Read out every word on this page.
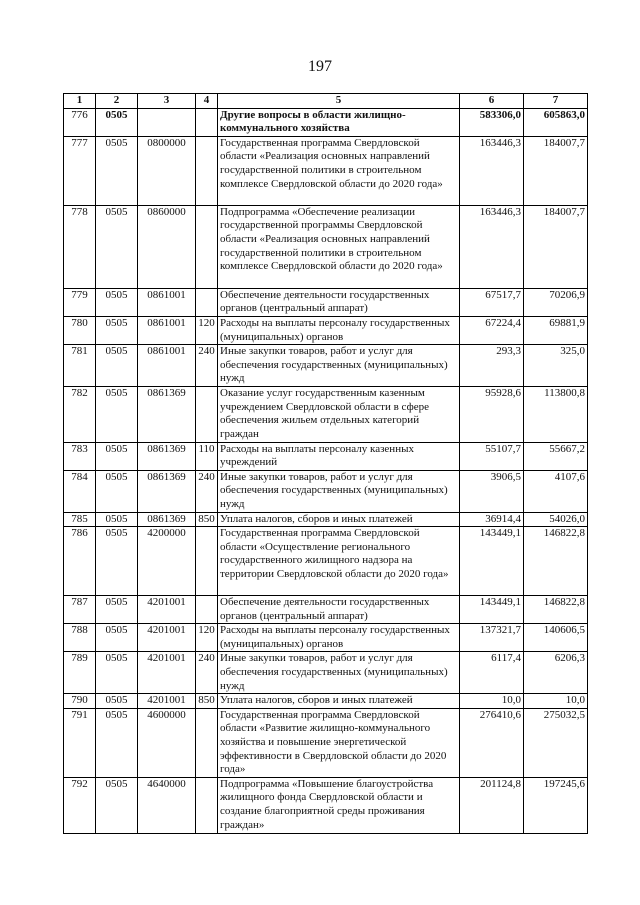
197
1	2	3	4	5	6	7
776	0505			Другие вопросы в области жилищно-коммунального хозяйства	583306,0	605863,0
777	0505	0800000		Государственная программа Свердловской области «Реализация основных направлений государственной политики в строительном комплексе Свердловской области до 2020 года»	163446,3	184007,7
778	0505	0860000		Подпрограмма «Обеспечение реализации государственной программы Свердловской области «Реализация основных направлений государственной политики в строительном комплексе Свердловской области до 2020 года»	163446,3	184007,7
779	0505	0861001		Обеспечение деятельности государственных органов (центральный аппарат)	67517,7	70206,9
780	0505	0861001	120	Расходы на выплаты персоналу государственных (муниципальных) органов	67224,4	69881,9
781	0505	0861001	240	Иные закупки товаров, работ и услуг для обеспечения государственных (муниципальных) нужд	293,3	325,0
782	0505	0861369		Оказание услуг государственным казенным учреждением Свердловской области в сфере обеспечения жильем отдельных категорий граждан	95928,6	113800,8
783	0505	0861369	110	Расходы на выплаты персоналу казенных учреждений	55107,7	55667,2
784	0505	0861369	240	Иные закупки товаров, работ и услуг для обеспечения государственных (муниципальных) нужд	3906,5	4107,6
785	0505	0861369	850	Уплата налогов, сборов и иных платежей	36914,4	54026,0
786	0505	4200000		Государственная программа Свердловской области «Осуществление регионального государственного жилищного надзора на территории Свердловской области до 2020 года»	143449,1	146822,8
787	0505	4201001		Обеспечение деятельности государственных органов (центральный аппарат)	143449,1	146822,8
788	0505	4201001	120	Расходы на выплаты персоналу государственных (муниципальных) органов	137321,7	140606,5
789	0505	4201001	240	Иные закупки товаров, работ и услуг для обеспечения государственных (муниципальных) нужд	6117,4	6206,3
790	0505	4201001	850	Уплата налогов, сборов и иных платежей	10,0	10,0
791	0505	4600000		Государственная программа Свердловской области «Развитие жилищно-коммунального хозяйства и повышение энергетической эффективности в Свердловской области до 2020 года»	276410,6	275032,5
792	0505	4640000		Подпрограмма «Повышение благоустройства жилищного фонда Свердловской области и создание благоприятной среды проживания граждан»	201124,8	197245,6
